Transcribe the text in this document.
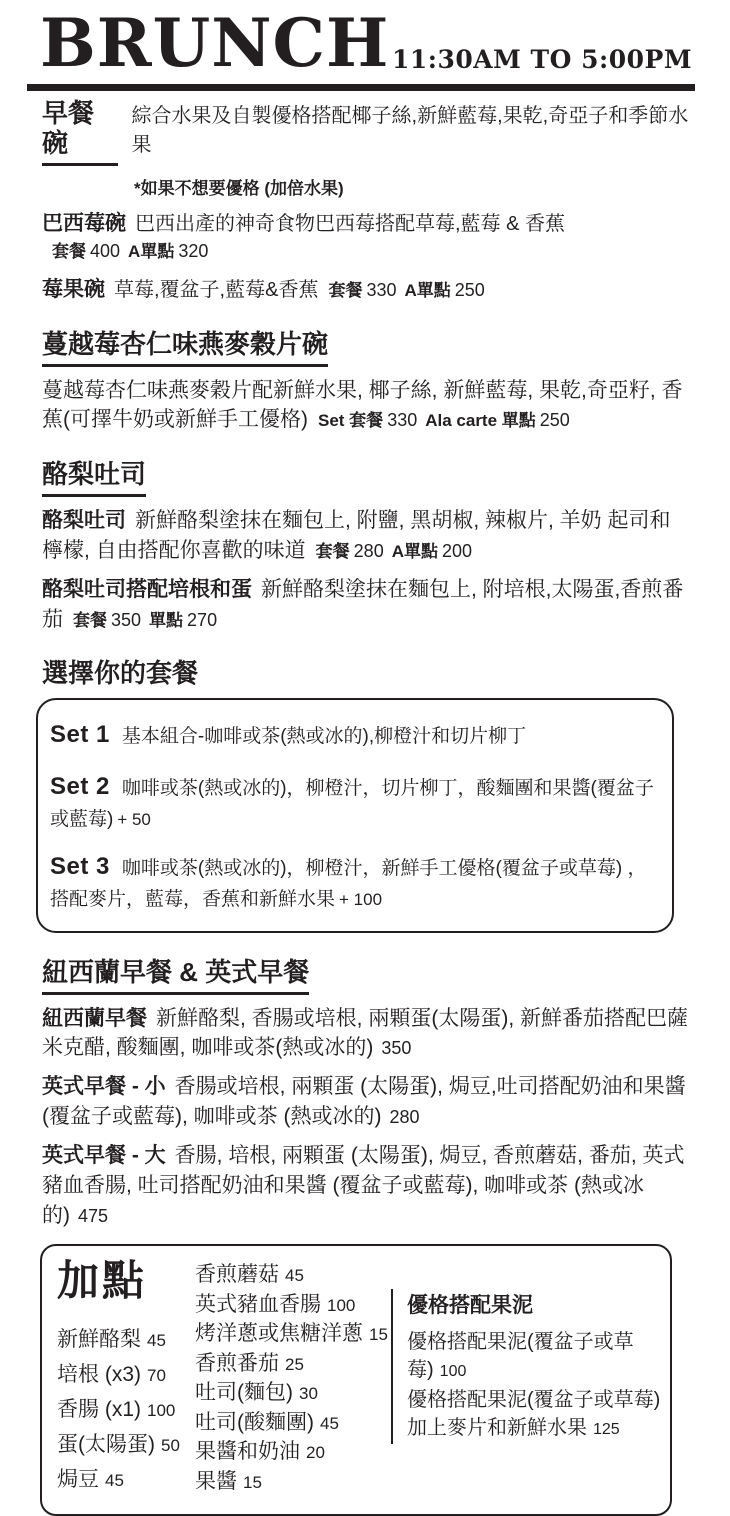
BRUNCH 11:30AM TO 5:00PM
早餐碗
綜合水果及自製優格搭配椰子絲,新鮮藍莓,果乾,奇亞子和季節水果
*如果不想要優格 (加倍水果)

巴西莓碗 巴西出產的神奇食物巴西莓搭配草莓,藍莓 & 香蕉套餐 400 A單點 320

莓果碗 草莓,覆盆子,藍莓&香蕉 套餐 330 A單點 250

蔓越莓杏仁味燕麥穀片碗

蔓越莓杏仁味燕麥穀片配新鮮水果, 椰子絲, 新鮮藍莓, 果乾,奇亞籽, 香蕉(可擇牛奶或新鮮手工優格) Set 套餐 330 Ala carte 單點 250

酪梨吐司

酪梨吐司 新鮮酪梨塗抹在麵包上, 附鹽, 黑胡椒, 辣椒片, 羊奶 起司和檸檬, 自由搭配你喜歡的味道 套餐 280 A單點 200

酪梨吐司搭配培根和蛋 新鮮酪梨塗抹在麵包上, 附培根,太陽蛋,香煎番茄 套餐 350 單點 270

選擇你的套餐

Set 1 基本組合-咖啡或茶(熱或冰的),柳橙汁和切片柳丁

Set 2 咖啡或茶(熱或冰的)，柳橙汁，切片柳丁，酸麵團和果醬(覆盆子或藍莓) + 50

Set 3 咖啡或茶(熱或冰的)，柳橙汁，新鮮手工優格(覆盆子或草莓) ，搭配麥片，藍莓，香蕉和新鮮水果 + 100

紐西蘭早餐 & 英式早餐

紐西蘭早餐 新鮮酪梨, 香腸或培根, 兩顆蛋(太陽蛋), 新鮮番茄搭配巴薩米克醋, 酸麵團, 咖啡或茶(熱或冰的) 350

英式早餐 - 小 香腸或培根, 兩顆蛋 (太陽蛋), 焗豆,吐司搭配奶油和果醬 (覆盆子或藍莓), 咖啡或茶 (熱或冰的) 280

英式早餐 - 大 香腸, 培根, 兩顆蛋 (太陽蛋), 焗豆, 香煎蘑菇, 番茄, 英式豬血香腸, 吐司搭配奶油和果醬 (覆盆子或藍莓), 咖啡或茶 (熱或冰的) 475

加點
新鮮酪梨 45
培根 (x3) 70
香腸 (x1) 100
蛋(太陽蛋) 50
焗豆 45
香煎蘑菇 45
英式豬血香腸 100
烤洋蔥或焦糖洋蔥 15
香煎番茄 25
吐司(麵包) 30
吐司(酸麵團) 45
果醬和奶油 20
果醬 15
優格搭配果泥
優格搭配果泥(覆盆子或草莓) 100
優格搭配果泥(覆盆子或草莓)加上麥片和新鮮水果 125
